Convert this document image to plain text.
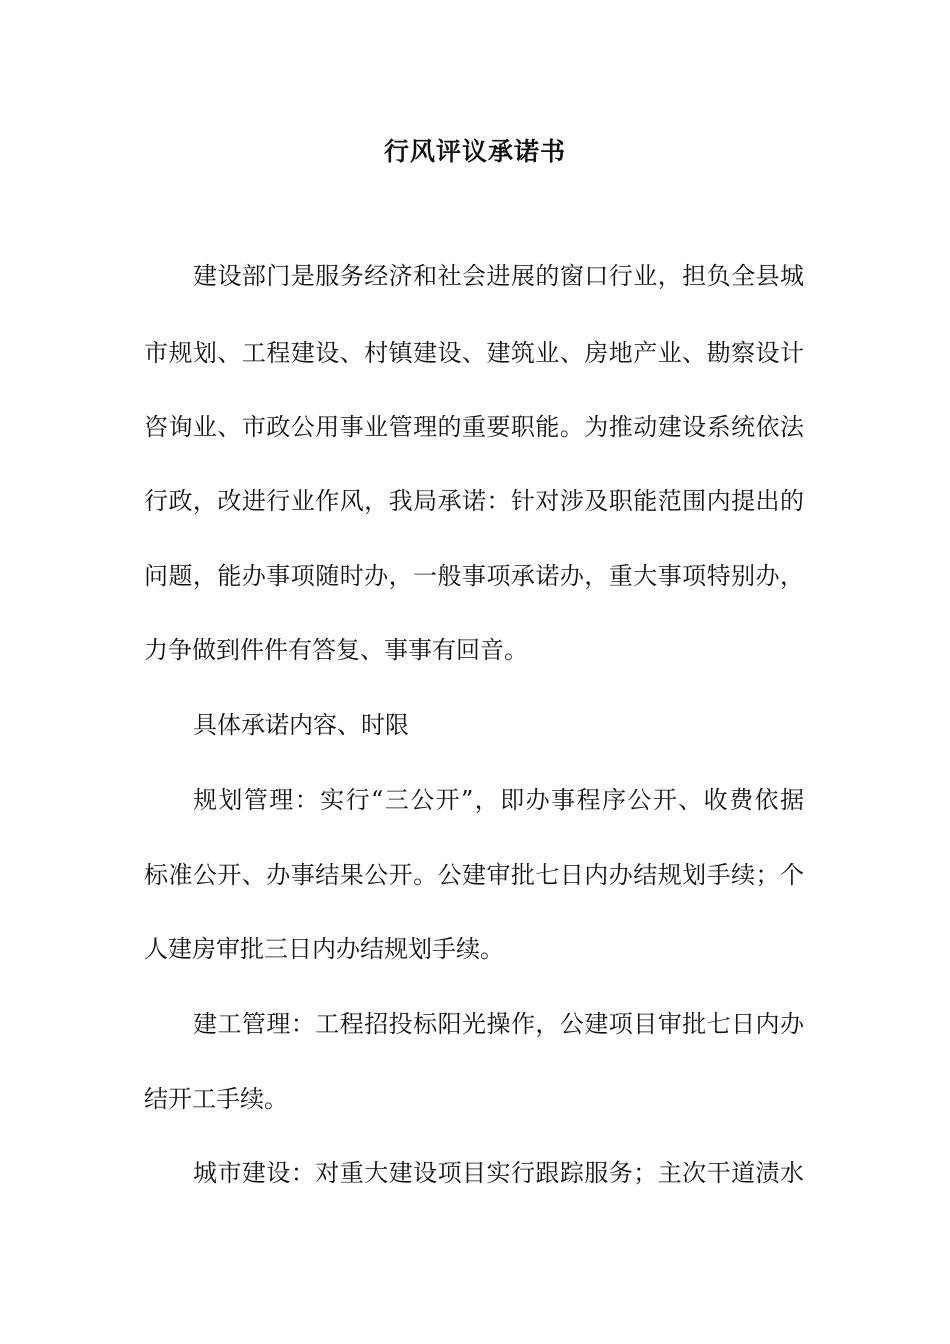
行风评议承诺书
建设部门是服务经济和社会进展的窗口行业，担负全县城
市规划、工程建设、村镇建设、建筑业、房地产业、勘察设计
咨询业、市政公用事业管理的重要职能。为推动建设系统依法
行政，改进行业作风，我局承诺：针对涉及职能范围内提出的
问题，能办事项随时办，一般事项承诺办，重大事项特别办，
力争做到件件有答复、事事有回音。
具体承诺内容、时限
规划管理：实行“三公开”，即办事程序公开、收费依据
标准公开、办事结果公开。公建审批七日内办结规划手续；个
人建房审批三日内办结规划手续。
建工管理：工程招投标阳光操作，公建项目审批七日内办
结开工手续。
城市建设：对重大建设项目实行跟踪服务；主次干道渍水
